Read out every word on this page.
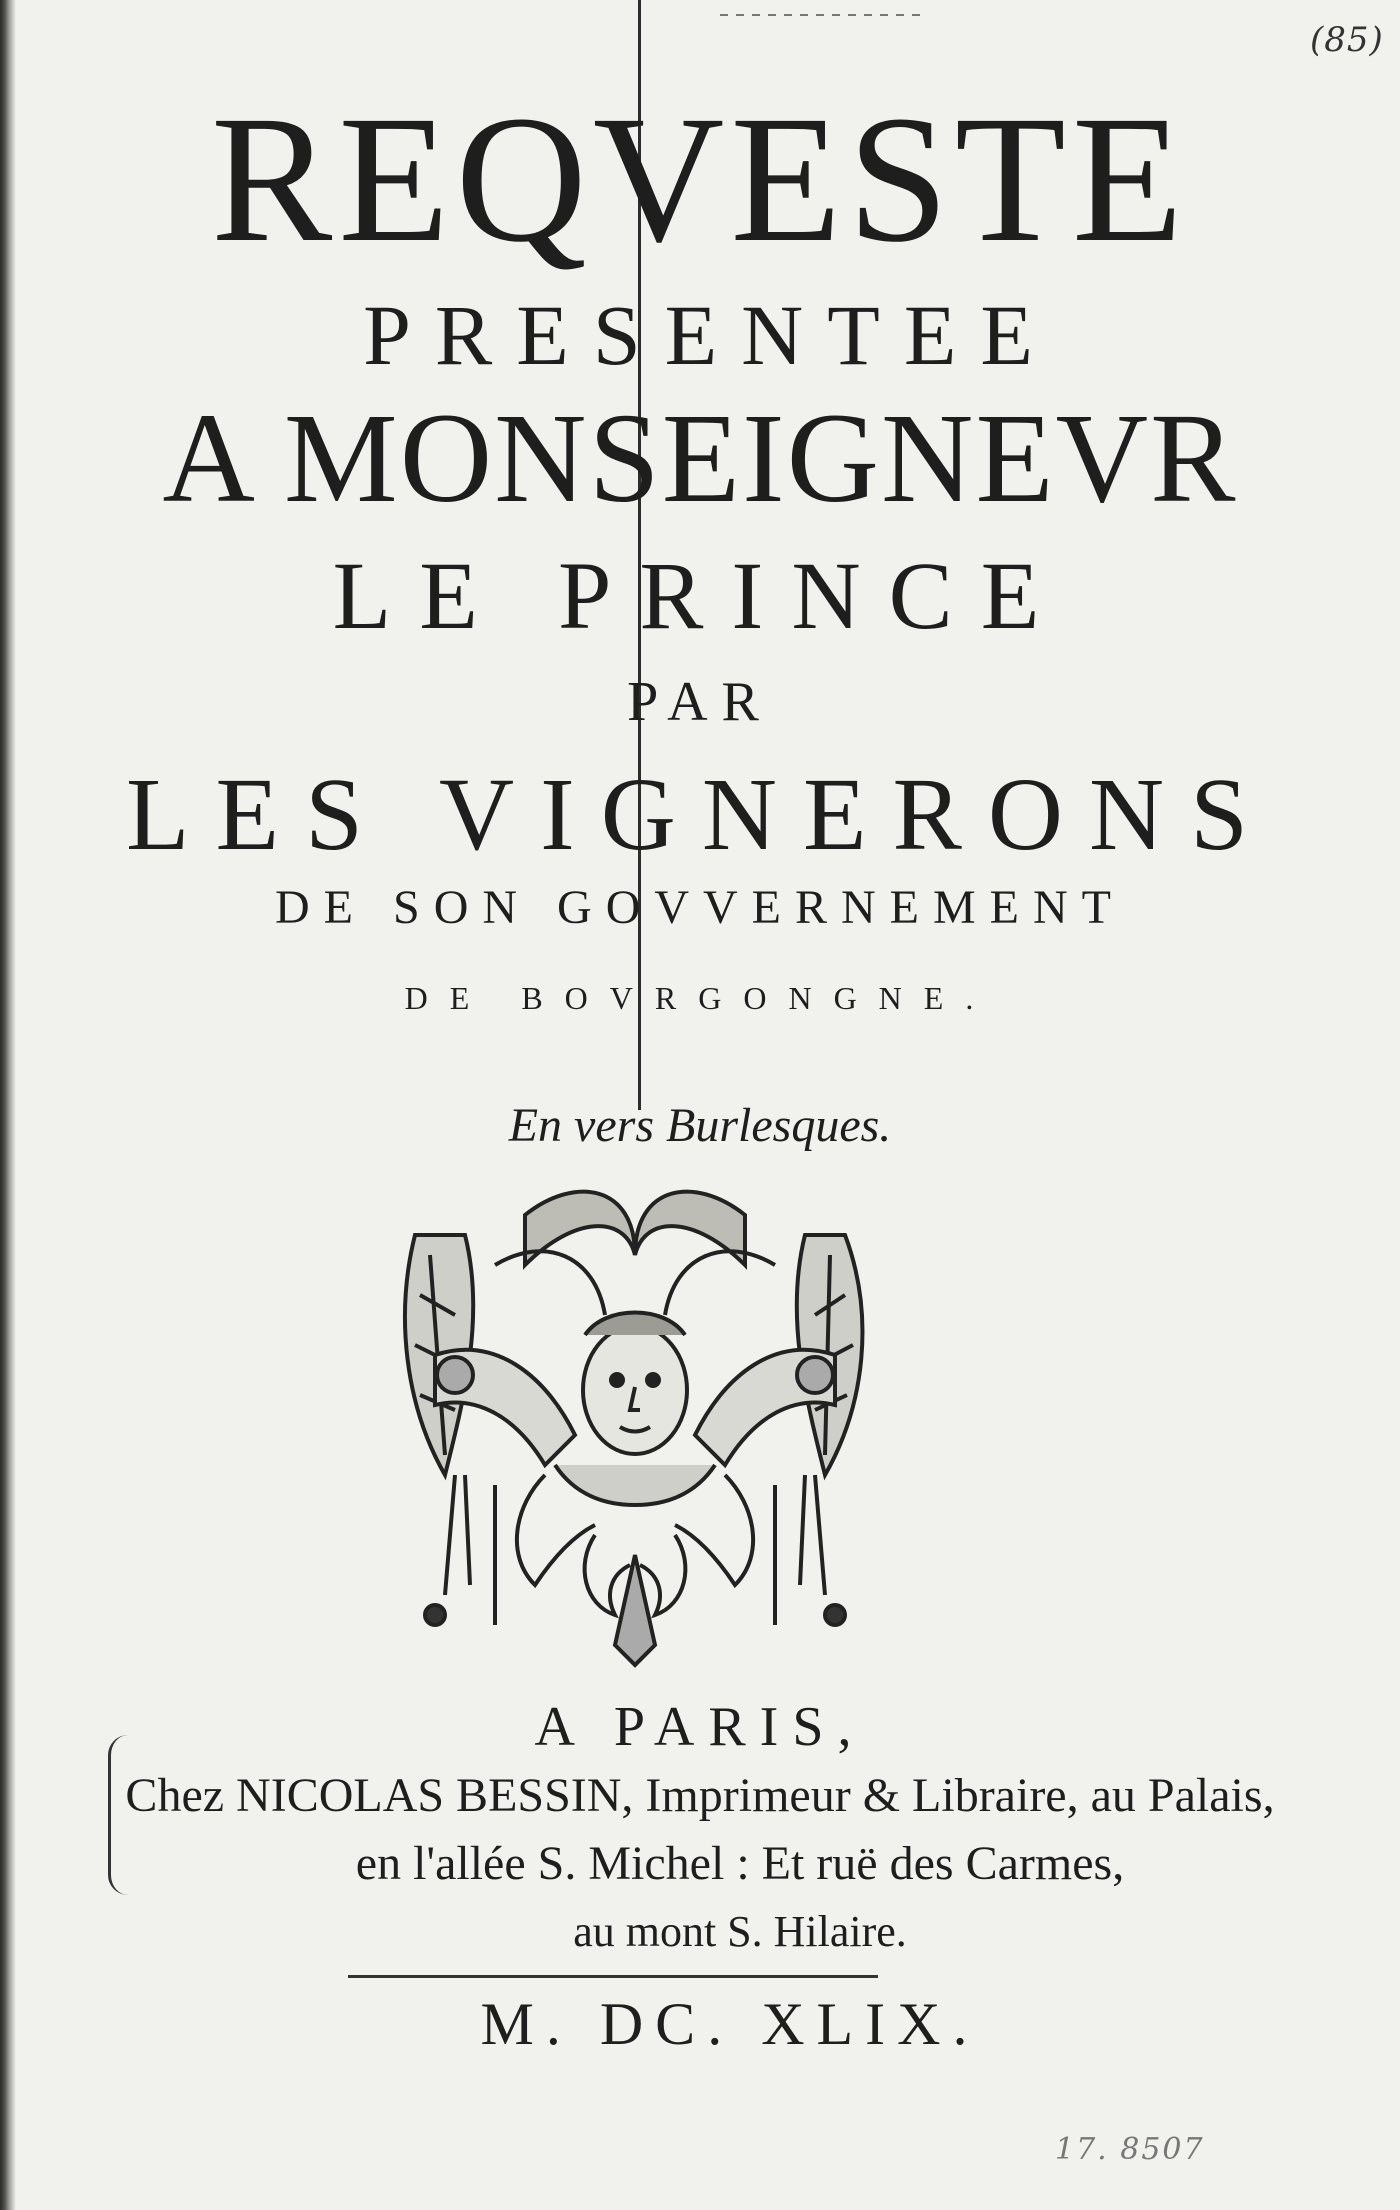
(85)
REQVESTE
PRESENTEE
A MONSEIGNEVR
LE PRINCE
PAR
LES VIGNERONS
DE SON GOVVERNEMENT
DE BOVRGONGNE.
En vers Burlesques.
A PARIS,
Chez NICOLAS BESSIN, Imprimeur & Libraire, au Palais,
en l'allée S. Michel : Et ruë des Carmes,
au mont S. Hilaire.
M. DC. XLIX.
17. 8507
